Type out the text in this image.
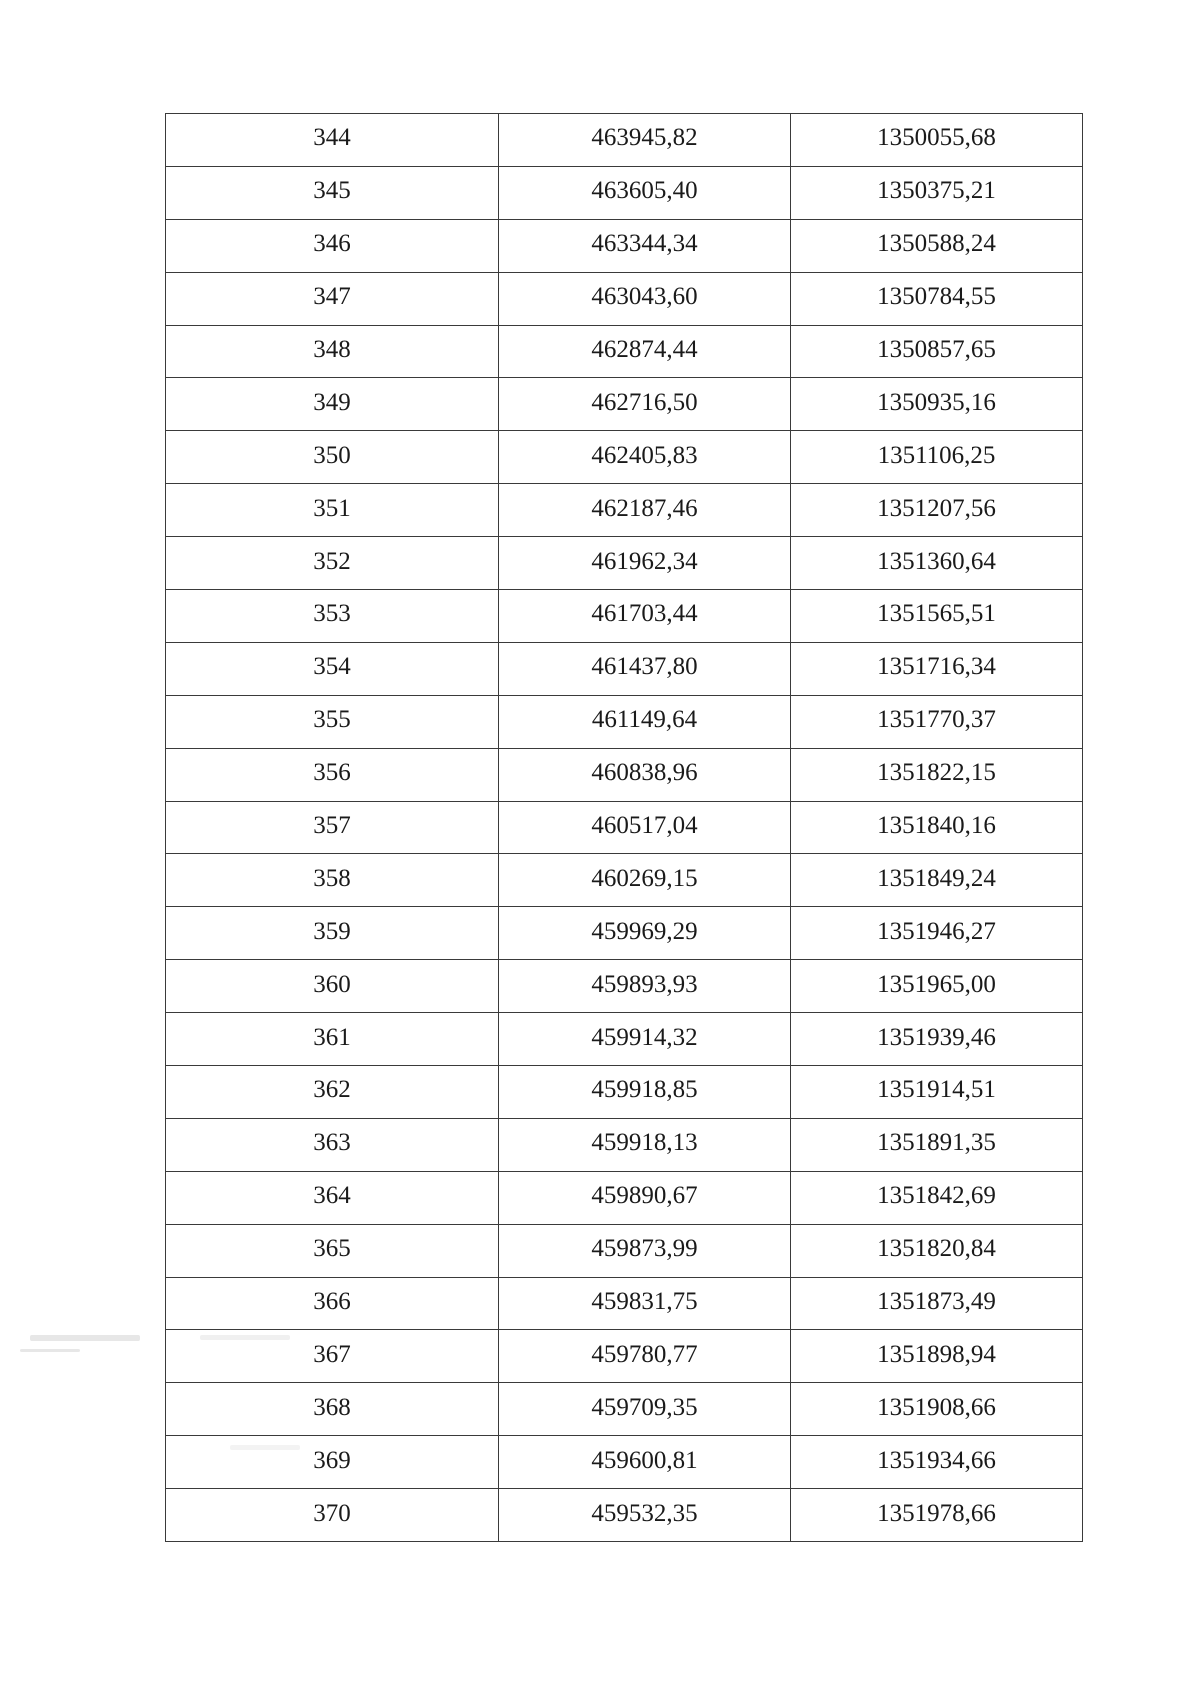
344	463945,82	1350055,68
345	463605,40	1350375,21
346	463344,34	1350588,24
347	463043,60	1350784,55
348	462874,44	1350857,65
349	462716,50	1350935,16
350	462405,83	1351106,25
351	462187,46	1351207,56
352	461962,34	1351360,64
353	461703,44	1351565,51
354	461437,80	1351716,34
355	461149,64	1351770,37
356	460838,96	1351822,15
357	460517,04	1351840,16
358	460269,15	1351849,24
359	459969,29	1351946,27
360	459893,93	1351965,00
361	459914,32	1351939,46
362	459918,85	1351914,51
363	459918,13	1351891,35
364	459890,67	1351842,69
365	459873,99	1351820,84
366	459831,75	1351873,49
367	459780,77	1351898,94
368	459709,35	1351908,66
369	459600,81	1351934,66
370	459532,35	1351978,66
